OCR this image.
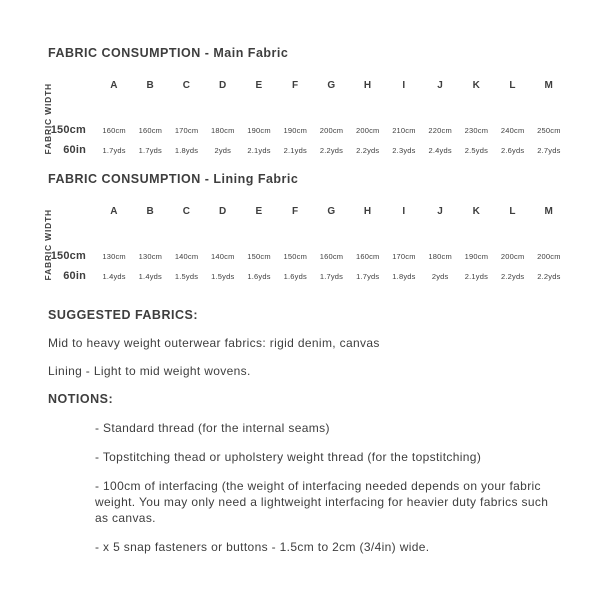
FABRIC CONSUMPTION - Main Fabric
FABRIC WIDTH	A	B	C	D	E	F	G	H	I	J	K	L	M
150cm	160cm	160cm	170cm	180cm	190cm	190cm	200cm	200cm	210cm	220cm	230cm	240cm	250cm
60in	1.7yds	1.7yds	1.8yds	2yds	2.1yds	2.1yds	2.2yds	2.2yds	2.3yds	2.4yds	2.5yds	2.6yds	2.7yds
FABRIC CONSUMPTION - Lining Fabric
FABRIC WIDTH	A	B	C	D	E	F	G	H	I	J	K	L	M
150cm	130cm	130cm	140cm	140cm	150cm	150cm	160cm	160cm	170cm	180cm	190cm	200cm	200cm
60in	1.4yds	1.4yds	1.5yds	1.5yds	1.6yds	1.6yds	1.7yds	1.7yds	1.8yds	2yds	2.1yds	2.2yds	2.2yds
SUGGESTED FABRICS:
Mid to heavy weight outerwear fabrics: rigid denim, canvas
Lining - Light to mid weight wovens.
NOTIONS:
- Standard thread (for the internal seams)
- Topstitching thead or upholstery weight thread (for the topstitching)
- 100cm of interfacing (the weight of interfacing needed depends on your fabric weight. You may only need a lightweight interfacing for heavier duty fabrics such as canvas.
- x 5 snap fasteners or buttons - 1.5cm to 2cm (3/4in) wide.
